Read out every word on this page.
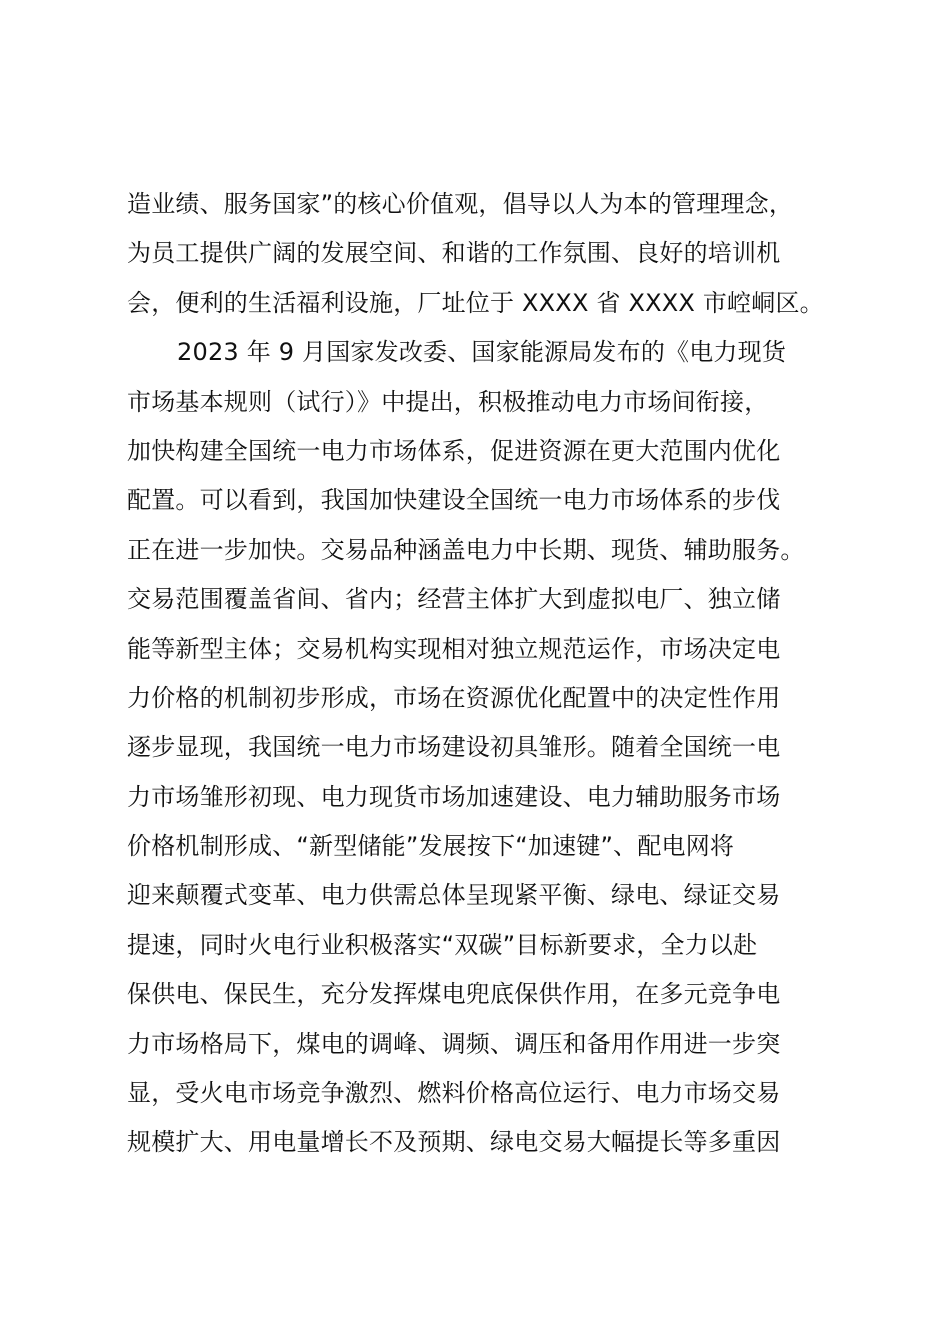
造业绩、服务国家”的核心价值观，倡导以人为本的管理理念，
为员工提供广阔的发展空间、和谐的工作氛围、良好的培训机
会，便利的生活福利设施，厂址位于 XXXX 省 XXXX 市崆峒区。
2023 年 9 月国家发改委、国家能源局发布的《电力现货
市场基本规则（试行）》中提出，积极推动电力市场间衔接，
加快构建全国统一电力市场体系，促进资源在更大范围内优化
配置。可以看到，我国加快建设全国统一电力市场体系的步伐
正在进一步加快。交易品种涵盖电力中长期、现货、辅助服务。
交易范围覆盖省间、省内；经营主体扩大到虚拟电厂、独立储
能等新型主体；交易机构实现相对独立规范运作，市场决定电
力价格的机制初步形成，市场在资源优化配置中的决定性作用
逐步显现，我国统一电力市场建设初具雏形。随着全国统一电
力市场雏形初现、电力现货市场加速建设、电力辅助服务市场
价格机制形成、“新型储能”发展按下“加速键”、配电网将
迎来颠覆式变革、电力供需总体呈现紧平衡、绿电、绿证交易
提速，同时火电行业积极落实“双碳”目标新要求，全力以赴
保供电、保民生，充分发挥煤电兜底保供作用，在多元竞争电
力市场格局下，煤电的调峰、调频、调压和备用作用进一步突
显，受火电市场竞争激烈、燃料价格高位运行、电力市场交易
规模扩大、用电量增长不及预期、绿电交易大幅提长等多重因
